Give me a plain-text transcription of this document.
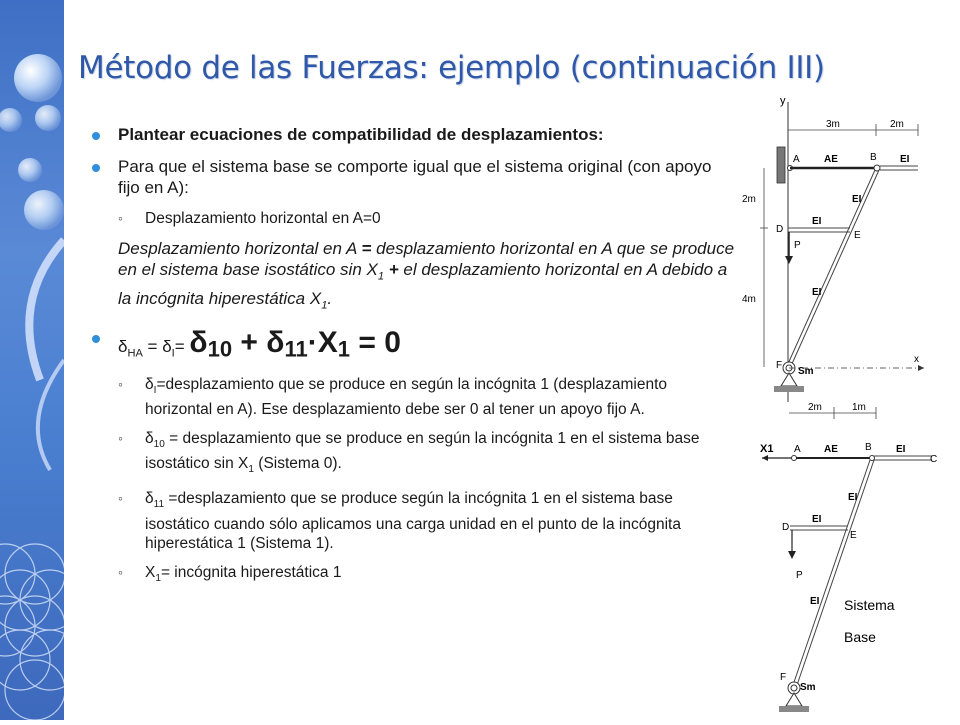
Método de las Fuerzas: ejemplo (continuación III)

Plantear ecuaciones de compatibilidad de desplazamientos:

Para que el sistema base se comporte igual que el sistema original (con apoyo fijo en A):

◦ Desplazamiento horizontal en A=0

Desplazamiento horizontal en A = desplazamiento horizontal en A que se produce en el sistema base isostático $\sin X_1$ + el desplazamiento horizontal en A debido a la incógnita hiperestática $X_1$.

$\delta_{HA} = \delta_I= \delta_{10} + \delta_{11}\cdot X_1 = 0$

◦ $\delta_I=desplazamiento$ que se produce en según la incógnita 1 (desplazamiento horizontal en A). Ese desplazamiento debe ser 0 al tener un apoyo fijo A.

◦ $\delta_{10}$ = desplazamiento que se produce en según la incógnita 1 en el sistema base isostático $\sin X_1$ (Sistema 0).

◦ $\delta_{11}$ =desplazamiento que se produce según la incógnita 1 en el sistema base isostático cuando sólo aplicamos una carga unidad en el punto de la incógnita hiperestática 1 (Sistema 1).

◦ $X_1=$ incógnita hiperestática 1

y
3m	2m
2m
4m
A AE	B EI
EI
D
EI
E
P
EI
F
Sm
x
2m	1m
X1 A AE	B EI
C
EI
D
EI
E
P
EI Sistema
Base
F
Sm
